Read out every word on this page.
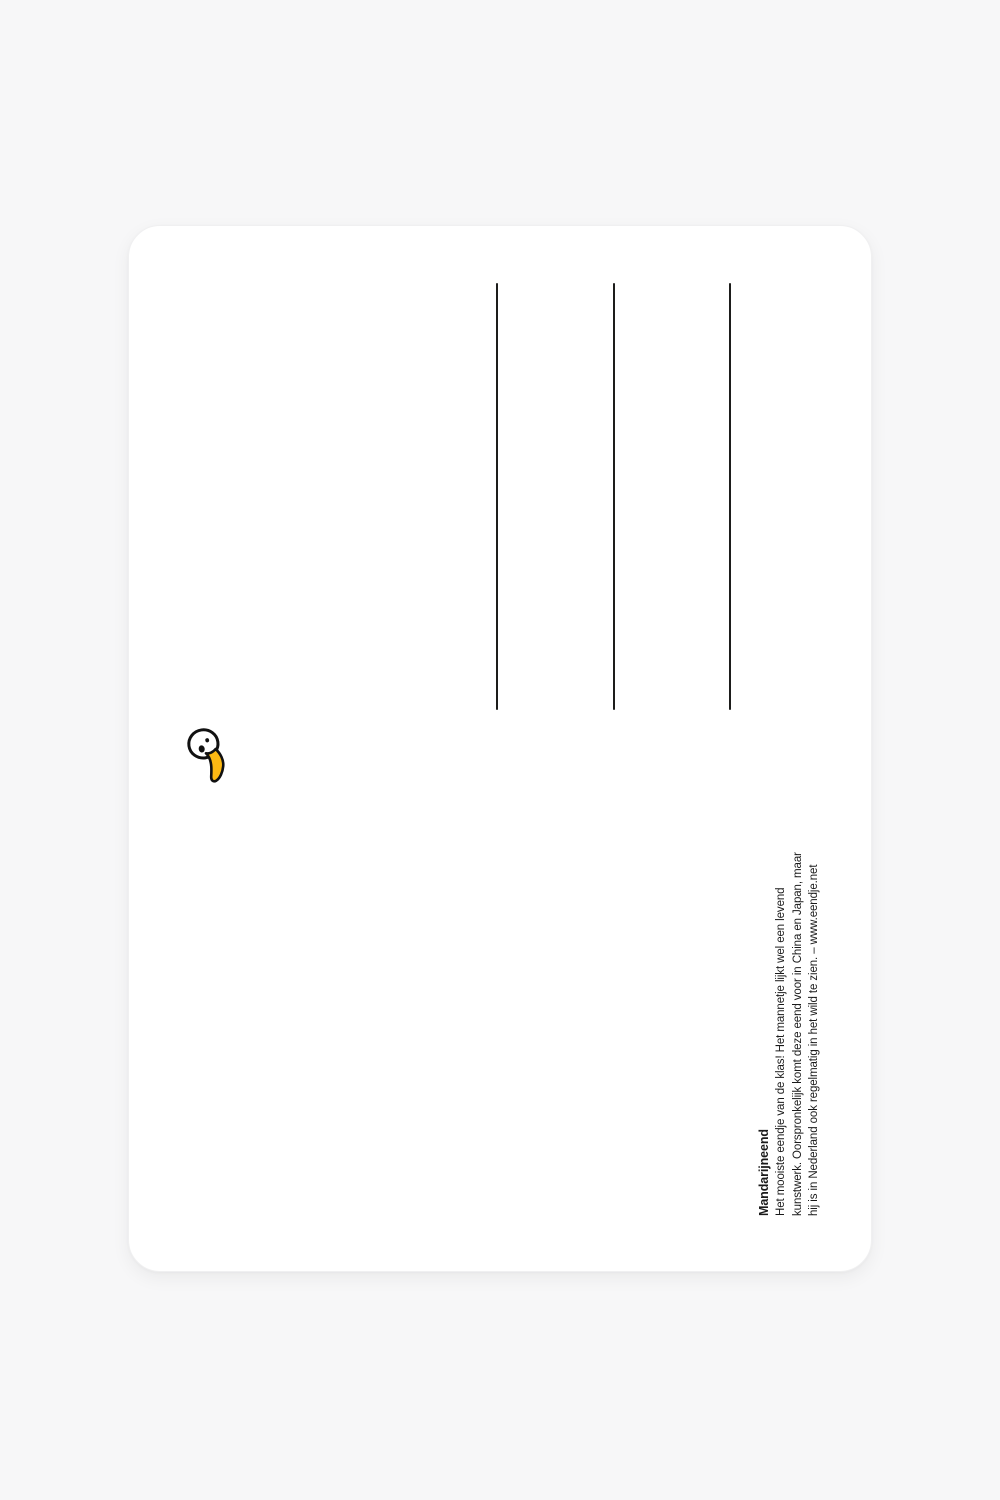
Mandarijneend Het mooiste eendje van de klas! Het mannetje lijkt wel een levend kunstwerk. Oorspronkelijk komt deze eend voor in China en Japan, maar hij is in Nederland ook regelmatig in het wild te zien. – www.eendje.net
